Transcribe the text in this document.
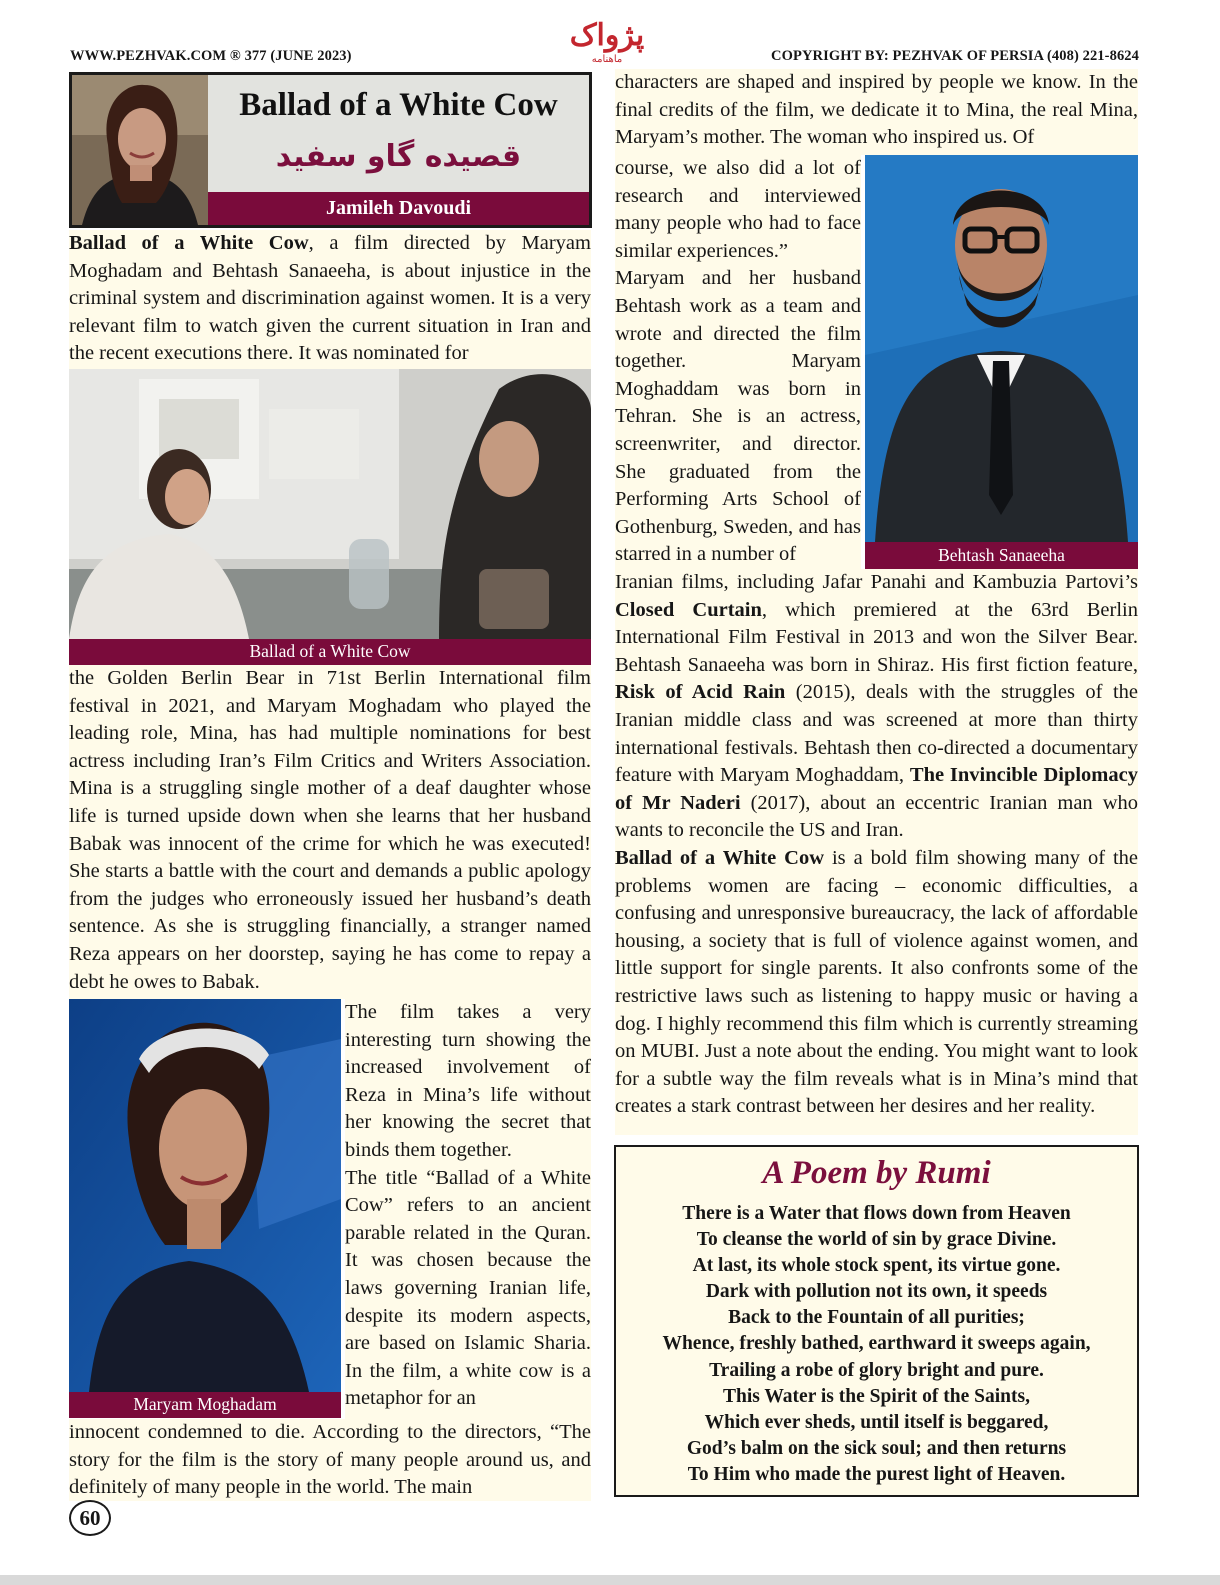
WWW.PEZHVAK.COM ® 377 (JUNE 2023)
پژواک
ماهنامه	COPYRIGHT BY: PEZHVAK OF PERSIA (408) 221-8624
Ballad of a White Cow
قصیده گاو سفید
Jamileh Davoudi

Ballad of a White Cow, a film directed by Maryam Moghadam and Behtash Sanaeeha, is about injustice in the criminal system and discrimination against women. It is a very relevant film to watch given the current situation in Iran and the recent executions there. It was nominated for

Ballad of a White Cow

the Golden Berlin Bear in 71st Berlin International film festival in 2021, and Maryam Moghadam who played the leading role, Mina, has had multiple nominations for best actress including Iran’s Film Critics and Writers Association. Mina is a struggling single mother of a deaf daughter whose life is turned upside down when she learns that her husband Babak was innocent of the crime for which he was executed! She starts a battle with the court and demands a public apology from the judges who erroneously issued her husband’s death sentence. As she is struggling financially, a stranger named Reza appears on her doorstep, saying he has come to repay a debt he owes to Babak.

Maryam Moghadam

The film takes a very interesting turn showing the increased involvement of Reza in Mina’s life without her knowing the secret that binds them together.

The title “Ballad of a White Cow” refers to an ancient parable related in the Quran. It was chosen because the laws governing Iranian life, despite its modern aspects, are based on Islamic Sharia. In the film, a white cow is a metaphor for an

innocent condemned to die. According to the directors, “The story for the film is the story of many people around us, and definitely of many people in the world. The main

characters are shaped and inspired by people we know. In the final credits of the film, we dedicate it to Mina, the real Mina, Maryam’s mother. The woman who inspired us. Of

course, we also did a lot of research and interviewed many people who had to face similar experiences.”

Maryam and her husband Behtash work as a team and wrote and directed the film together. Maryam Moghaddam was born in Tehran. She is an actress, screenwriter, and director. She graduated from the Performing Arts School of Gothenburg, Sweden, and has starred in a number of	Behtash Sanaeeha

Iranian films, including Jafar Panahi and Kambuzia Partovi’s Closed Curtain, which premiered at the 63rd Berlin International Film Festival in 2013 and won the Silver Bear. Behtash Sanaeeha was born in Shiraz. His first fiction feature, Risk of Acid Rain (2015), deals with the struggles of the Iranian middle class and was screened at more than thirty international festivals. Behtash then co-directed a documentary feature with Maryam Moghaddam, The Invincible Diplomacy of Mr Naderi (2017), about an eccentric Iranian man who wants to reconcile the US and Iran.

Ballad of a White Cow is a bold film showing many of the problems women are facing – economic difficulties, a confusing and unresponsive bureaucracy, the lack of affordable housing, a society that is full of violence against women, and little support for single parents. It also confronts some of the restrictive laws such as listening to happy music or having a dog. I highly recommend this film which is currently streaming on MUBI. Just a note about the ending. You might want to look for a subtle way the film reveals what is in Mina’s mind that creates a stark contrast between her desires and her reality.

A Poem by Rumi
There is a Water that flows down from Heaven
To cleanse the world of sin by grace Divine.
At last, its whole stock spent, its virtue gone.
Dark with pollution not its own, it speeds
Back to the Fountain of all purities;
Whence, freshly bathed, earthward it sweeps again,
Trailing a robe of glory bright and pure.
This Water is the Spirit of the Saints,
Which ever sheds, until itself is beggared,
God’s balm on the sick soul; and then returns
To Him who made the purest light of Heaven.
60
